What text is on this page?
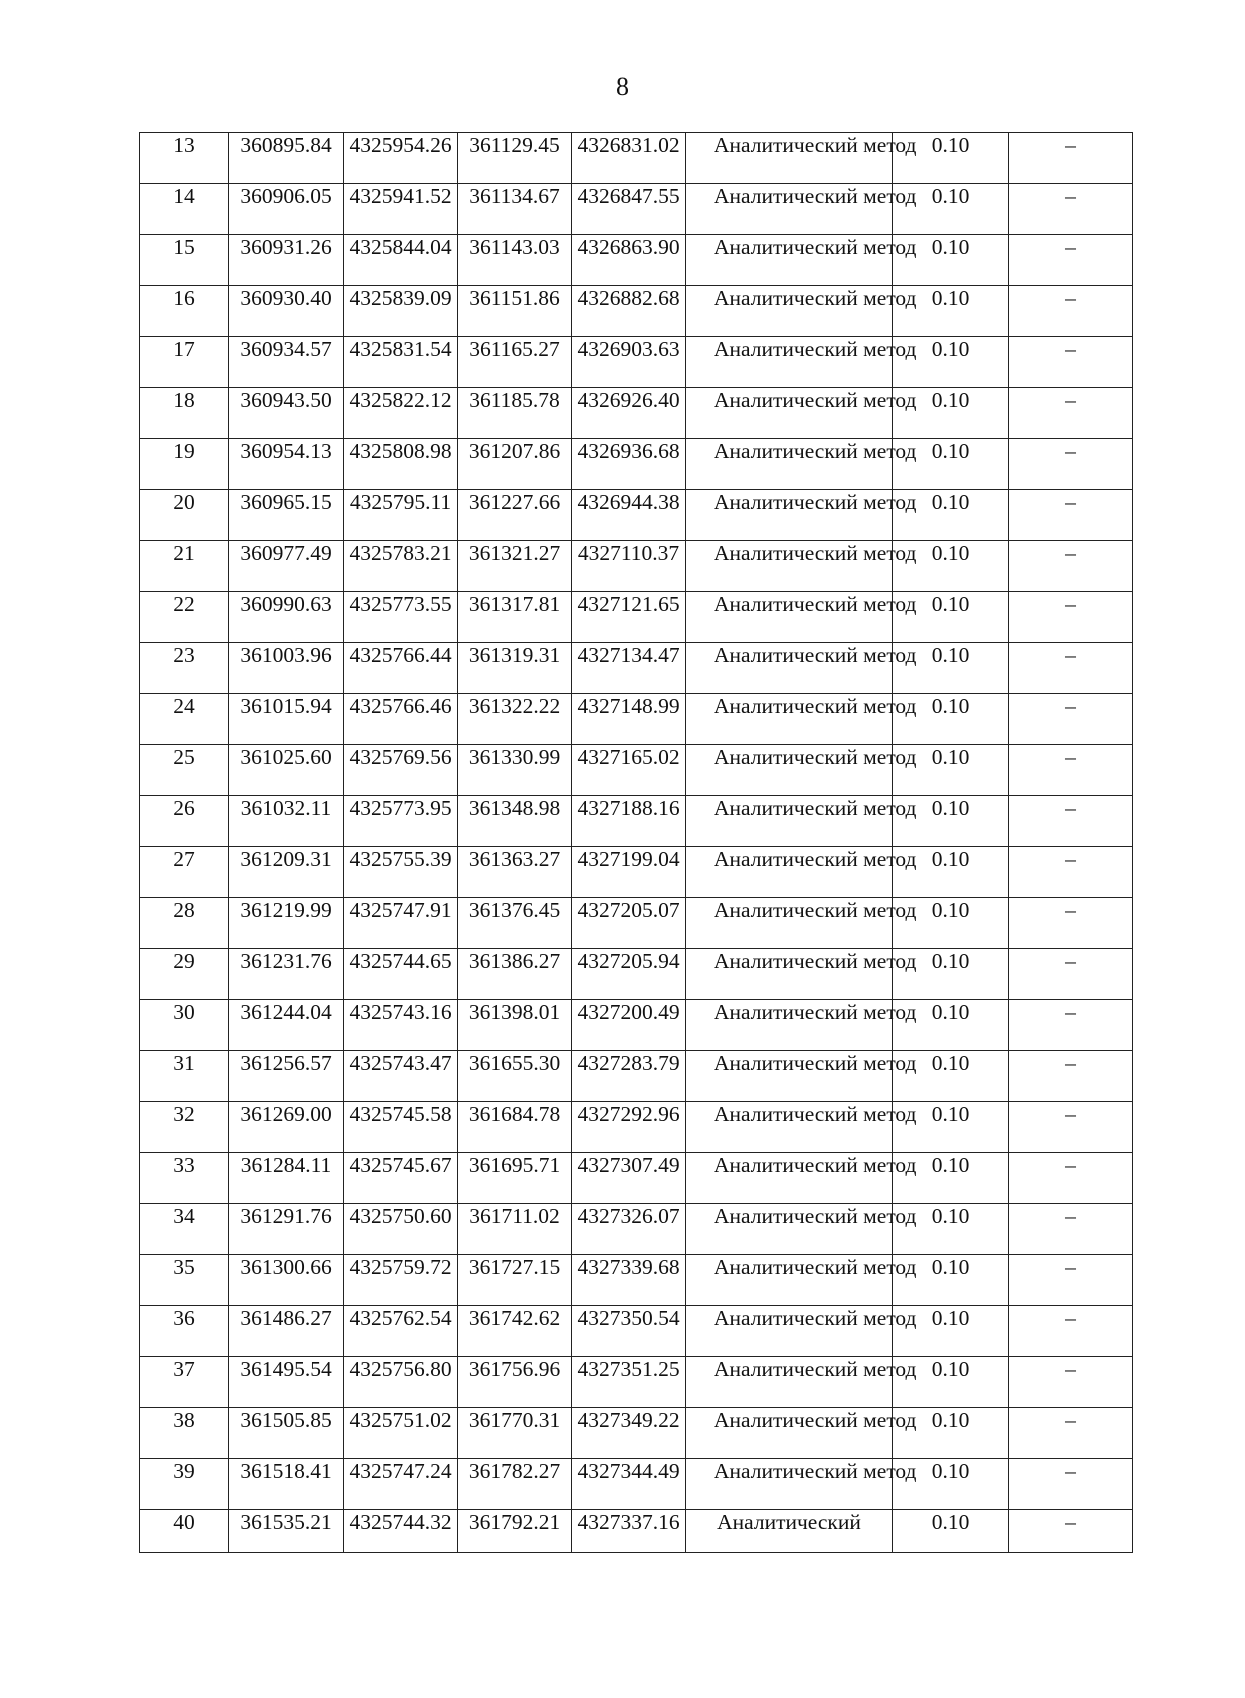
8
13	360895.84	4325954.26	361129.45	4326831.02	Аналитический метод	0.10	–
14	360906.05	4325941.52	361134.67	4326847.55	Аналитический метод	0.10	–
15	360931.26	4325844.04	361143.03	4326863.90	Аналитический метод	0.10	–
16	360930.40	4325839.09	361151.86	4326882.68	Аналитический метод	0.10	–
17	360934.57	4325831.54	361165.27	4326903.63	Аналитический метод	0.10	–
18	360943.50	4325822.12	361185.78	4326926.40	Аналитический метод	0.10	–
19	360954.13	4325808.98	361207.86	4326936.68	Аналитический метод	0.10	–
20	360965.15	4325795.11	361227.66	4326944.38	Аналитический метод	0.10	–
21	360977.49	4325783.21	361321.27	4327110.37	Аналитический метод	0.10	–
22	360990.63	4325773.55	361317.81	4327121.65	Аналитический метод	0.10	–
23	361003.96	4325766.44	361319.31	4327134.47	Аналитический метод	0.10	–
24	361015.94	4325766.46	361322.22	4327148.99	Аналитический метод	0.10	–
25	361025.60	4325769.56	361330.99	4327165.02	Аналитический метод	0.10	–
26	361032.11	4325773.95	361348.98	4327188.16	Аналитический метод	0.10	–
27	361209.31	4325755.39	361363.27	4327199.04	Аналитический метод	0.10	–
28	361219.99	4325747.91	361376.45	4327205.07	Аналитический метод	0.10	–
29	361231.76	4325744.65	361386.27	4327205.94	Аналитический метод	0.10	–
30	361244.04	4325743.16	361398.01	4327200.49	Аналитический метод	0.10	–
31	361256.57	4325743.47	361655.30	4327283.79	Аналитический метод	0.10	–
32	361269.00	4325745.58	361684.78	4327292.96	Аналитический метод	0.10	–
33	361284.11	4325745.67	361695.71	4327307.49	Аналитический метод	0.10	–
34	361291.76	4325750.60	361711.02	4327326.07	Аналитический метод	0.10	–
35	361300.66	4325759.72	361727.15	4327339.68	Аналитический метод	0.10	–
36	361486.27	4325762.54	361742.62	4327350.54	Аналитический метод	0.10	–
37	361495.54	4325756.80	361756.96	4327351.25	Аналитический метод	0.10	–
38	361505.85	4325751.02	361770.31	4327349.22	Аналитический метод	0.10	–
39	361518.41	4325747.24	361782.27	4327344.49	Аналитический метод	0.10	–
40	361535.21	4325744.32	361792.21	4327337.16	Аналитический	0.10	–
